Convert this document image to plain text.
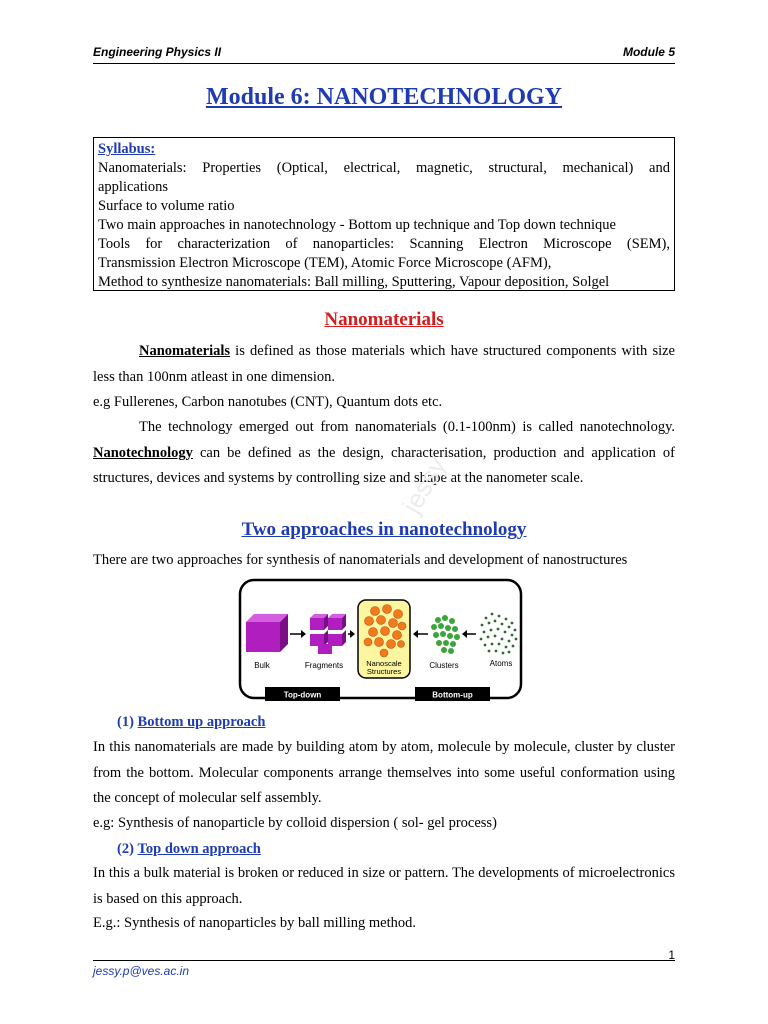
Engineering Physics II	Module 5
Module 6: NANOTECHNOLOGY
Syllabus:
Nanomaterials: Properties (Optical, electrical, magnetic, structural, mechanical) and
applications
Surface to volume ratio
Two main approaches in nanotechnology - Bottom up technique and Top down technique
Tools for characterization of nanoparticles: Scanning Electron Microscope (SEM),
Transmission Electron Microscope (TEM), Atomic Force Microscope (AFM),
Method to synthesize nanomaterials: Ball milling, Sputtering, Vapour deposition, Solgel
Nanomaterials
Nanomaterials is defined as those materials which have structured components with size less than 100nm atleast in one dimension.
e.g Fullerenes, Carbon nanotubes (CNT), Quantum dots etc.
The technology emerged out from nanomaterials (0.1-100nm) is called nanotechnology. Nanotechnology can be defined as the design, characterisation, production and application of structures, devices and systems by controlling size and shape at the nanometer scale.
jessy
Two approaches in nanotechnology
There are two approaches for synthesis of nanomaterials and development of nanostructures
Top-down	Bottom-up
Bulk	Fragments	Nanoscale
Structures
Clusters	Atoms
(1) Bottom up approach
In this nanomaterials are made by building atom by atom, molecule by molecule, cluster by cluster from the bottom. Molecular components arrange themselves into some useful conformation using the concept of molecular self assembly.
e.g: Synthesis of nanoparticle by colloid dispersion ( sol- gel process)
(2) Top down approach
In this a bulk material is broken or reduced in size or pattern. The developments of microelectronics is based on this approach.
E.g.: Synthesis of nanoparticles by ball milling method.
1
jessy.p@ves.ac.in
